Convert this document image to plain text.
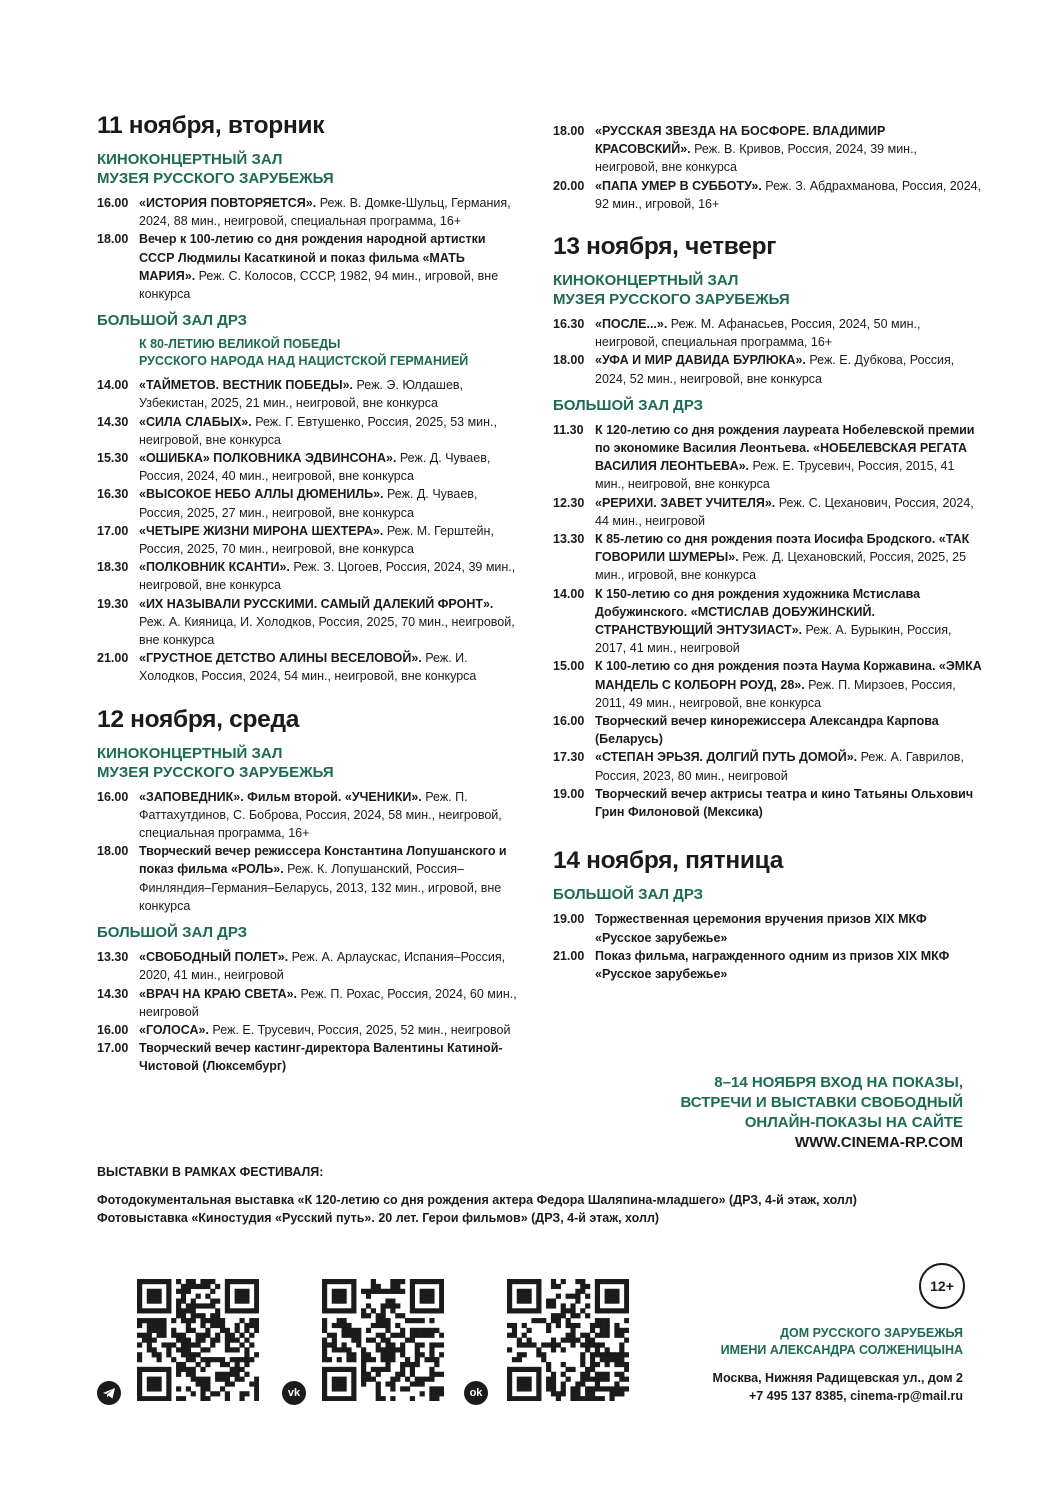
11 ноября, вторник
КИНОКОНЦЕРТНЫЙ ЗАЛ
МУЗЕЯ РУССКОГО ЗАРУБЕЖЬЯ
16.00 «ИСТОРИЯ ПОВТОРЯЕТСЯ». Реж. В. Домке-Шульц, Германия, 2024, 88 мин., неигровой, специальная программа, 16+
18.00 Вечер к 100-летию со дня рождения народной артистки СССР Людмилы Касаткиной и показ фильма «МАТЬ МАРИЯ». Реж. С. Колосов, СССР, 1982, 94 мин., игровой, вне конкурса
БОЛЬШОЙ ЗАЛ ДРЗ
К 80-ЛЕТИЮ ВЕЛИКОЙ ПОБЕДЫ
РУССКОГО НАРОДА НАД НАЦИСТСКОЙ ГЕРМАНИЕЙ
14.00 «ТАЙМЕТОВ. ВЕСТНИК ПОБЕДЫ». Реж. Э. Юлдашев, Узбекистан, 2025, 21 мин., неигровой, вне конкурса
14.30 «СИЛА СЛАБЫХ». Реж. Г. Евтушенко, Россия, 2025, 53 мин., неигровой, вне конкурса
15.30 «ОШИБКА» ПОЛКОВНИКА ЭДВИНСОНА». Реж. Д. Чуваев, Россия, 2024, 40 мин., неигровой, вне конкурса
16.30 «ВЫСОКОЕ НЕБО АЛЛЫ ДЮМЕНИЛЬ». Реж. Д. Чуваев, Россия, 2025, 27 мин., неигровой, вне конкурса
17.00 «ЧЕТЫРЕ ЖИЗНИ МИРОНА ШЕХТЕРА». Реж. М. Герштейн, Россия, 2025, 70 мин., неигровой, вне конкурса
18.30 «ПОЛКОВНИК КСАНТИ». Реж. З. Цогоев, Россия, 2024, 39 мин., неигровой, вне конкурса
19.30 «ИХ НАЗЫВАЛИ РУССКИМИ. САМЫЙ ДАЛЕКИЙ ФРОНТ». Реж. А. Кияница, И. Холодков, Россия, 2025, 70 мин., неигровой, вне конкурса
21.00 «ГРУСТНОЕ ДЕТСТВО АЛИНЫ ВЕСЕЛОВОЙ». Реж. И. Холодков, Россия, 2024, 54 мин., неигровой, вне конкурса
12 ноября, среда
КИНОКОНЦЕРТНЫЙ ЗАЛ
МУЗЕЯ РУССКОГО ЗАРУБЕЖЬЯ
16.00 «ЗАПОВЕДНИК». Фильм второй. «УЧЕНИКИ». Реж. П. Фаттахутдинов, С. Боброва, Россия, 2024, 58 мин., неигровой, специальная программа, 16+
18.00 Творческий вечер режиссера Константина Лопушанского и показ фильма «РОЛЬ». Реж. К. Лопушанский, Россия–Финляндия–Германия–Беларусь, 2013, 132 мин., игровой, вне конкурса
БОЛЬШОЙ ЗАЛ ДРЗ
13.30 «СВОБОДНЫЙ ПОЛЕТ». Реж. А. Арлаускас, Испания–Россия, 2020, 41 мин., неигровой
14.30 «ВРАЧ НА КРАЮ СВЕТА». Реж. П. Рохас, Россия, 2024, 60 мин., неигровой
16.00 «ГОЛОСА». Реж. Е. Трусевич, Россия, 2025, 52 мин., неигровой
17.00 Творческий вечер кастинг-директора Валентины Катиной-Чистовой (Люксембург)
18.00 «РУССКАЯ ЗВЕЗДА НА БОСФОРЕ. ВЛАДИМИР КРАСОВСКИЙ». Реж. В. Кривов, Россия, 2024, 39 мин., неигровой, вне конкурса
20.00 «ПАПА УМЕР В СУББОТУ». Реж. З. Абдрахманова, Россия, 2024, 92 мин., игровой, 16+
13 ноября, четверг
КИНОКОНЦЕРТНЫЙ ЗАЛ
МУЗЕЯ РУССКОГО ЗАРУБЕЖЬЯ
16.30 «ПОСЛЕ...». Реж. М. Афанасьев, Россия, 2024, 50 мин., неигровой, специальная программа, 16+
18.00 «УФА И МИР ДАВИДА БУРЛЮКА». Реж. Е. Дубкова, Россия, 2024, 52 мин., неигровой, вне конкурса
БОЛЬШОЙ ЗАЛ ДРЗ
11.30 К 120-летию со дня рождения лауреата Нобелевской премии по экономике Василия Леонтьева. «НОБЕЛЕВСКАЯ РЕГАТА ВАСИЛИЯ ЛЕОНТЬЕВА». Реж. Е. Трусевич, Россия, 2015, 41 мин., неигровой, вне конкурса
12.30 «РЕРИХИ. ЗАВЕТ УЧИТЕЛЯ». Реж. С. Цеханович, Россия, 2024, 44 мин., неигровой
13.30 К 85-летию со дня рождения поэта Иосифа Бродского. «ТАК ГОВОРИЛИ ШУМЕРЫ». Реж. Д. Цехановский, Россия, 2025, 25 мин., игровой, вне конкурса
14.00 К 150-летию со дня рождения художника Мстислава Добужинского. «МСТИСЛАВ ДОБУЖИНСКИЙ. СТРАНСТВУЮЩИЙ ЭНТУЗИАСТ». Реж. А. Бурыкин, Россия, 2017, 41 мин., неигровой
15.00 К 100-летию со дня рождения поэта Наума Коржавина. «ЭМКА МАНДЕЛЬ С КОЛБОРН РОУД, 28». Реж. П. Мирзоев, Россия, 2011, 49 мин., неигровой, вне конкурса
16.00 Творческий вечер кинорежиссера Александра Карпова (Беларусь)
17.30 «СТЕПАН ЭРЬЗЯ. ДОЛГИЙ ПУТЬ ДОМОЙ». Реж. А. Гаврилов, Россия, 2023, 80 мин., неигровой
19.00 Творческий вечер актрисы театра и кино Татьяны Ольхович Грин Филоновой (Мексика)
14 ноября, пятница
БОЛЬШОЙ ЗАЛ ДРЗ
19.00 Торжественная церемония вручения призов XIX МКФ «Русское зарубежье»
21.00 Показ фильма, награжденного одним из призов XIX МКФ «Русское зарубежье»
8–14 НОЯБРЯ ВХОД НА ПОКАЗЫ,
ВСТРЕЧИ И ВЫСТАВКИ СВОБОДНЫЙ
ОНЛАЙН-ПОКАЗЫ НА САЙТЕ
WWW.CINEMA-RP.COM
ВЫСТАВКИ В РАМКАХ ФЕСТИВАЛЯ:
Фотодокументальная выставка «К 120-летию со дня рождения актера Федора Шаляпина-младшего» (ДРЗ, 4-й этаж, холл)
Фотовыставка «Киностудия «Русский путь». 20 лет. Герои фильмов» (ДРЗ, 4-й этаж, холл)
vk	ok
12+
ДОМ РУССКОГО ЗАРУБЕЖЬЯ
ИМЕНИ АЛЕКСАНДРА СОЛЖЕНИЦЫНА
Москва, Нижняя Радищевская ул., дом 2
+7 495 137 8385, cinema-rp@mail.ru
